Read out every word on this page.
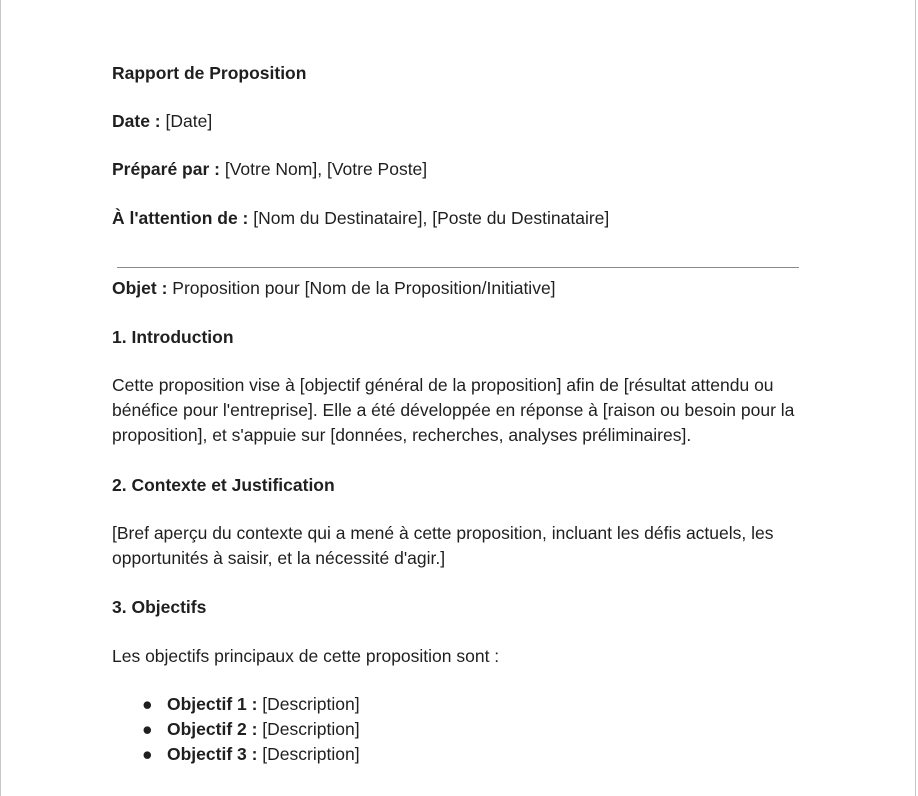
Rapport de Proposition
Date : [Date]
Préparé par : [Votre Nom], [Votre Poste]
À l'attention de : [Nom du Destinataire], [Poste du Destinataire]
Objet : Proposition pour [Nom de la Proposition/Initiative]
1. Introduction
Cette proposition vise à [objectif général de la proposition] afin de [résultat attendu ou bénéfice pour l'entreprise]. Elle a été développée en réponse à [raison ou besoin pour la proposition], et s'appuie sur [données, recherches, analyses préliminaires].
2. Contexte et Justification
[Bref aperçu du contexte qui a mené à cette proposition, incluant les défis actuels, les opportunités à saisir, et la nécessité d'agir.]
3. Objectifs
Les objectifs principaux de cette proposition sont :
● Objectif 1 : [Description]
● Objectif 2 : [Description]
● Objectif 3 : [Description]
